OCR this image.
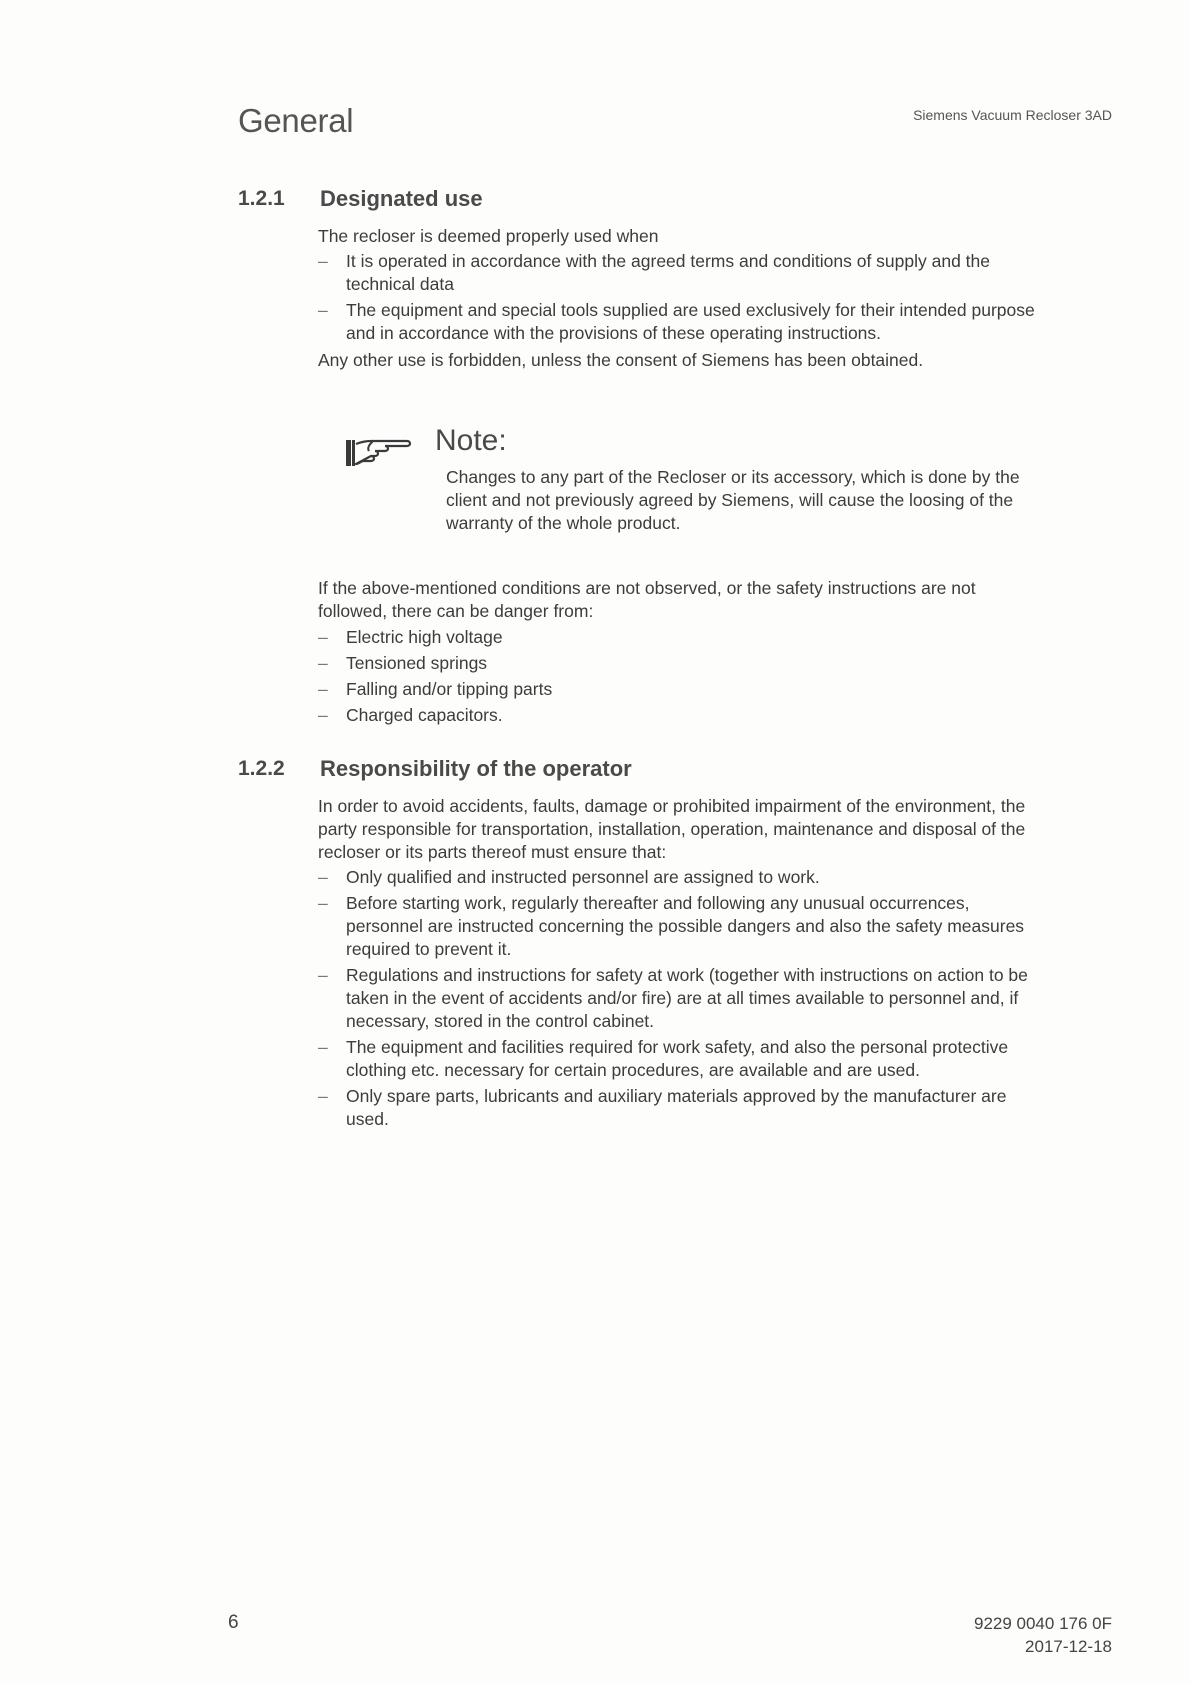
General	Siemens Vacuum Recloser 3AD
1.2.1 Designated use

The recloser is deemed properly used when

– It is operated in accordance with the agreed terms and conditions of supply and the technical data
– The equipment and special tools supplied are used exclusively for their intended purpose and in accordance with the provisions of these operating instructions.

Any other use is forbidden, unless the consent of Siemens has been obtained.

Note:
Changes to any part of the Recloser or its accessory, which is done by the client and not previously agreed by Siemens, will cause the loosing of the warranty of the whole product.

If the above-mentioned conditions are not observed, or the safety instructions are not followed, there can be danger from:

– Electric high voltage
– Tensioned springs
– Falling and/or tipping parts
– Charged capacitors.
1.2.2 Responsibility of the operator

In order to avoid accidents, faults, damage or prohibited impairment of the environment, the party responsible for transportation, installation, operation, maintenance and disposal of the recloser or its parts thereof must ensure that:

– Only qualified and instructed personnel are assigned to work.
– Before starting work, regularly thereafter and following any unusual occurrences, personnel are instructed concerning the possible dangers and also the safety measures required to prevent it.
– Regulations and instructions for safety at work (together with instructions on action to be taken in the event of accidents and/or fire) are at all times available to personnel and, if necessary, stored in the control cabinet.
– The equipment and facilities required for work safety, and also the personal protective clothing etc. necessary for certain procedures, are available and are used.
– Only spare parts, lubricants and auxiliary materials approved by the manufacturer are used.
6	9229 0040 176 0F
2017-12-18
